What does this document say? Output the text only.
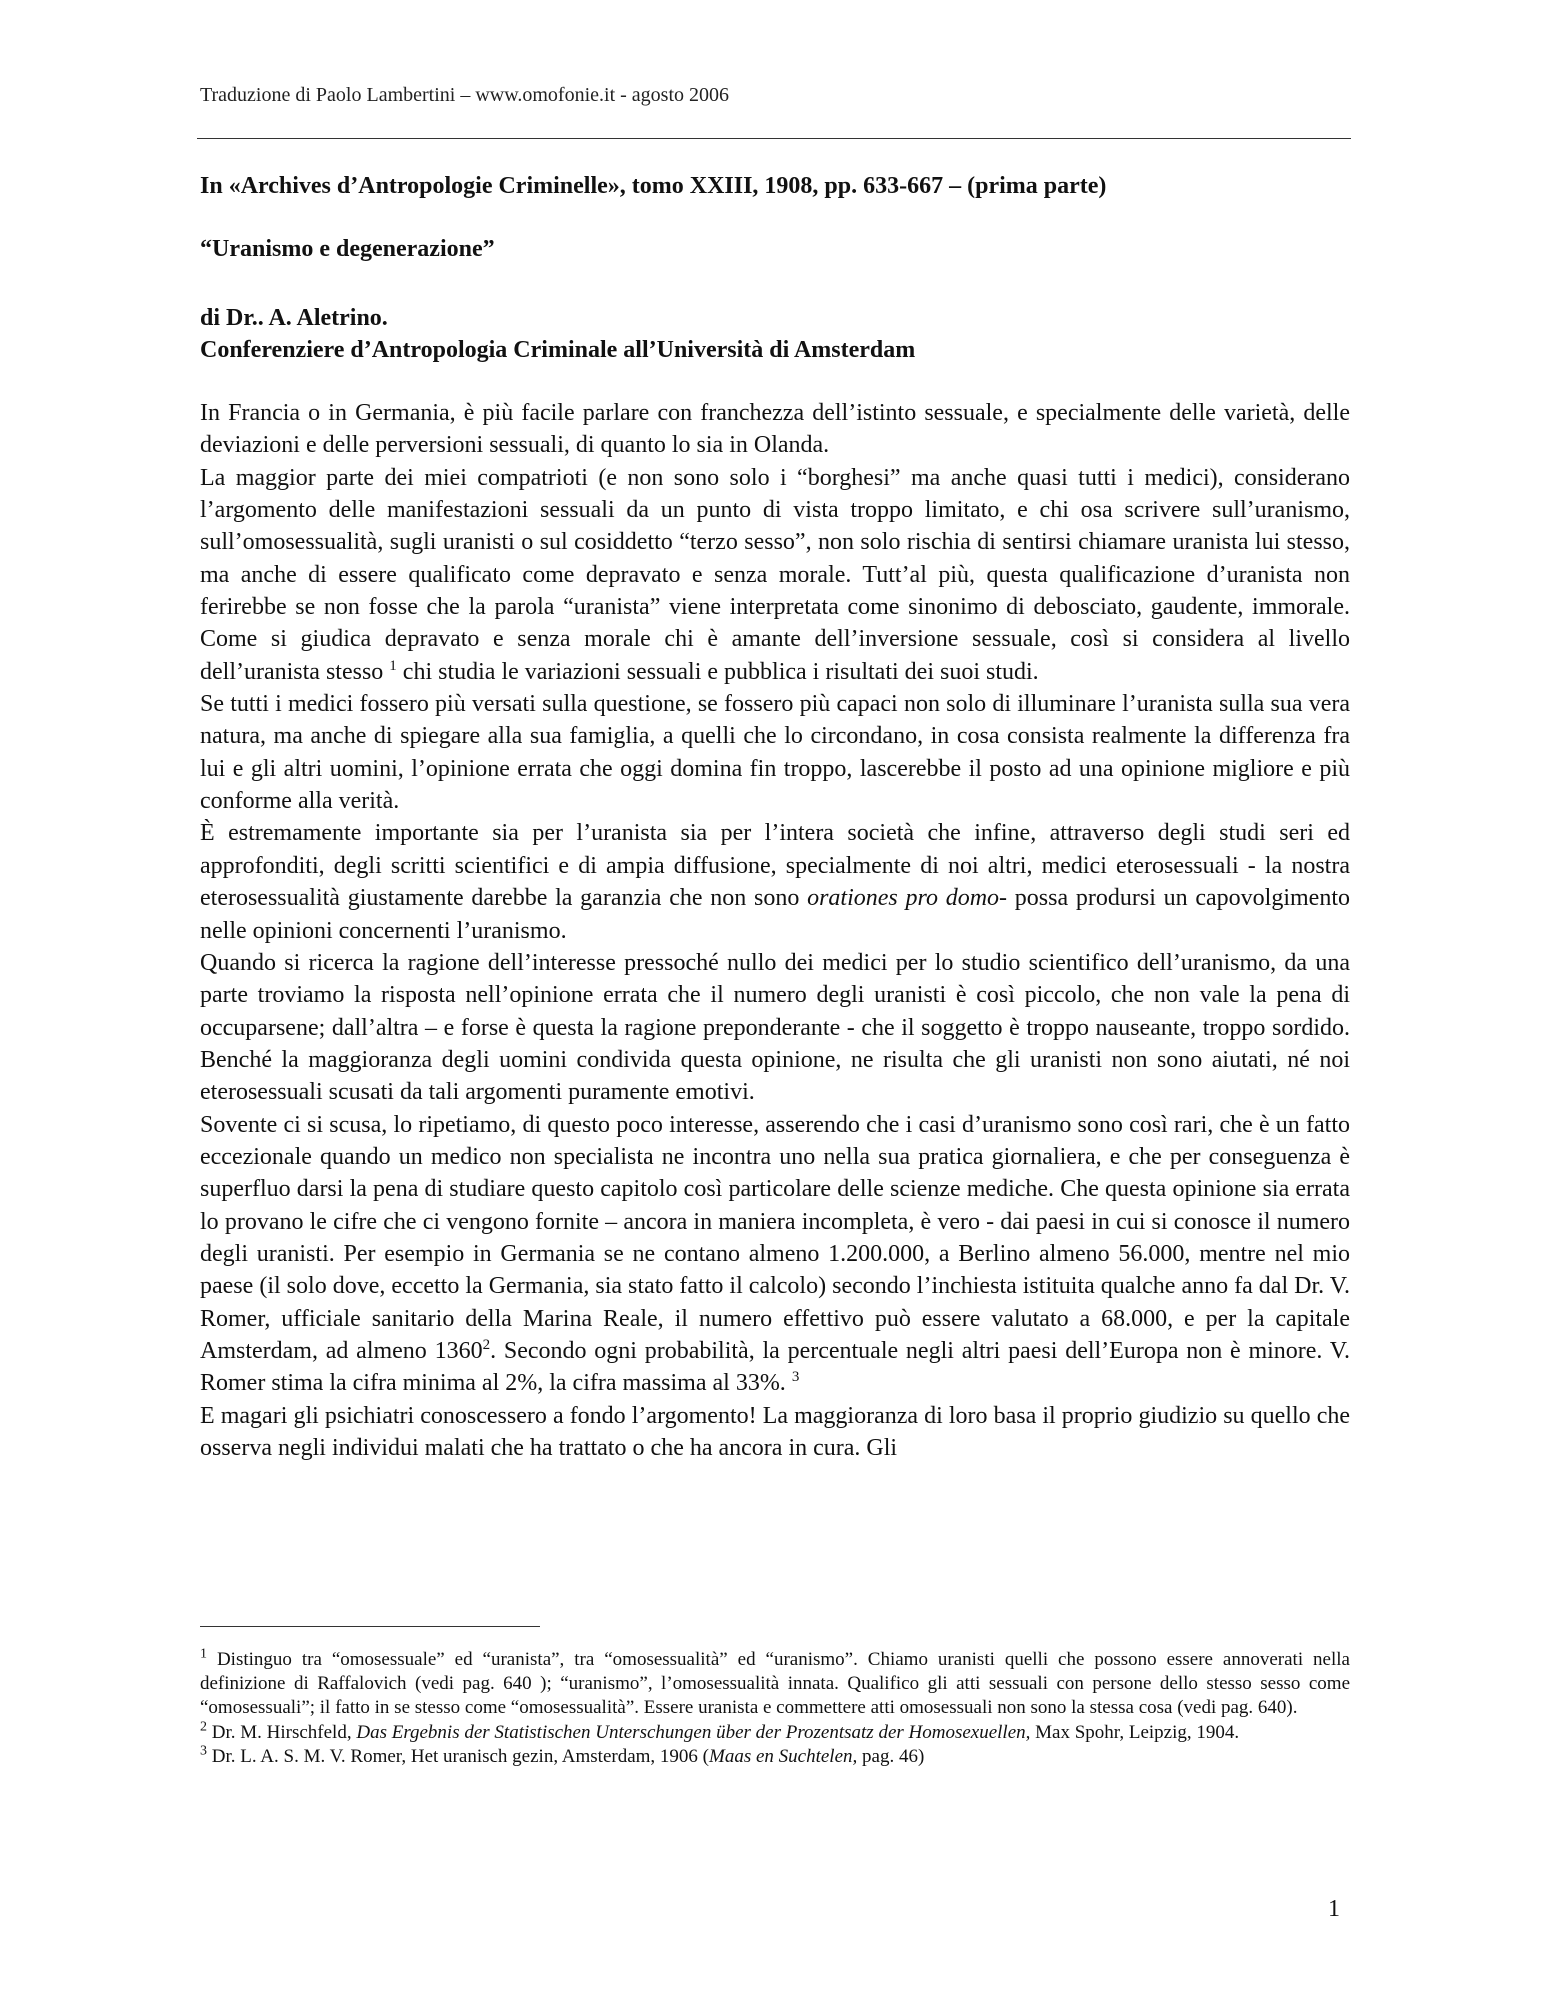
Traduzione di Paolo Lambertini – www.omofonie.it - agosto 2006

In «Archives d’Antropologie Criminelle», tomo XXIII, 1908, pp. 633-667 – (prima parte)

“Uranismo e degenerazione”

di Dr.. A. Aletrino.

Conferenziere d’Antropologia Criminale all’Università di Amsterdam

In Francia o in Germania, è più facile parlare con franchezza dell’istinto sessuale, e specialmente delle varietà, delle deviazioni e delle perversioni sessuali, di quanto lo sia in Olanda.

La maggior parte dei miei compatrioti (e non sono solo i “borghesi” ma anche quasi tutti i medici), considerano l’argomento delle manifestazioni sessuali da un punto di vista troppo limitato, e chi osa scrivere sull’uranismo, sull’omosessualità, sugli uranisti o sul cosiddetto “terzo sesso”, non solo rischia di sentirsi chiamare uranista lui stesso, ma anche di essere qualificato come depravato e senza morale. Tutt’al più, questa qualificazione d’uranista non ferirebbe se non fosse che la parola “uranista” viene interpretata come sinonimo di debosciato, gaudente, immorale. Come si giudica depravato e senza morale chi è amante dell’inversione sessuale, così si considera al livello dell’uranista stesso $^1$ chi studia le variazioni sessuali e pubblica i risultati dei suoi studi.

Se tutti i medici fossero più versati sulla questione, se fossero più capaci non solo di illuminare l’uranista sulla sua vera natura, ma anche di spiegare alla sua famiglia, a quelli che lo circondano, in cosa consista realmente la differenza fra lui e gli altri uomini, l’opinione errata che oggi domina fin troppo, lascerebbe il posto ad una opinione migliore e più conforme alla verità.

È estremamente importante sia per l’uranista sia per l’intera società che infine, attraverso degli studi seri ed approfonditi, degli scritti scientifici e di ampia diffusione, specialmente di noi altri, medici eterosessuali - la nostra eterosessualità giustamente darebbe la garanzia che non sono orationes pro domo- possa prodursi un capovolgimento nelle opinioni concernenti l’uranismo.

Quando si ricerca la ragione dell’interesse pressoché nullo dei medici per lo studio scientifico dell’uranismo, da una parte troviamo la risposta nell’opinione errata che il numero degli uranisti è così piccolo, che non vale la pena di occuparsene; dall’altra – e forse è questa la ragione preponderante - che il soggetto è troppo nauseante, troppo sordido. Benché la maggioranza degli uomini condivida questa opinione, ne risulta che gli uranisti non sono aiutati, né noi eterosessuali scusati da tali argomenti puramente emotivi.

Sovente ci si scusa, lo ripetiamo, di questo poco interesse, asserendo che i casi d’uranismo sono così rari, che è un fatto eccezionale quando un medico non specialista ne incontra uno nella sua pratica giornaliera, e che per conseguenza è superfluo darsi la pena di studiare questo capitolo così particolare delle scienze mediche. Che questa opinione sia errata lo provano le cifre che ci vengono fornite – ancora in maniera incompleta, è vero - dai paesi in cui si conosce il numero degli uranisti. Per esempio in Germania se ne contano almeno 1.200.000, a Berlino almeno 56.000, mentre nel mio paese (il solo dove, eccetto la Germania, sia stato fatto il calcolo) secondo l’inchiesta istituita qualche anno fa dal Dr. V. Romer, ufficiale sanitario della Marina Reale, il numero effettivo può essere valutato a 68.000, e per la capitale Amsterdam, ad almeno 1360$^2$. Secondo ogni probabilità, la percentuale negli altri paesi dell’Europa non è minore. V. Romer stima la cifra minima al 2%, la cifra massima al 33%. $^3$

E magari gli psichiatri conoscessero a fondo l’argomento! La maggioranza di loro basa il proprio giudizio su quello che osserva negli individui malati che ha trattato o che ha ancora in cura. Gli

$^1$ Distinguo tra “omosessuale” ed “uranista”, tra “omosessualità” ed “uranismo”. Chiamo uranisti quelli che possono essere annoverati nella definizione di Raffalovich (vedi pag. 640 ); “uranismo”, l’omosessualità innata. Qualifico gli atti sessuali con persone dello stesso sesso come “omosessuali”; il fatto in se stesso come “omosessualità”. Essere uranista e commettere atti omosessuali non sono la stessa cosa (vedi pag. 640).

$^2$ Dr. M. Hirschfeld, Das Ergebnis der Statistischen Unterschungen über der Prozentsatz der Homosexuellen, Max Spohr, Leipzig, 1904.

$^3$ Dr. L. A. S. M. V. Romer, Het uranisch gezin, Amsterdam, 1906 (Maas en Suchtelen, pag. 46)

1
